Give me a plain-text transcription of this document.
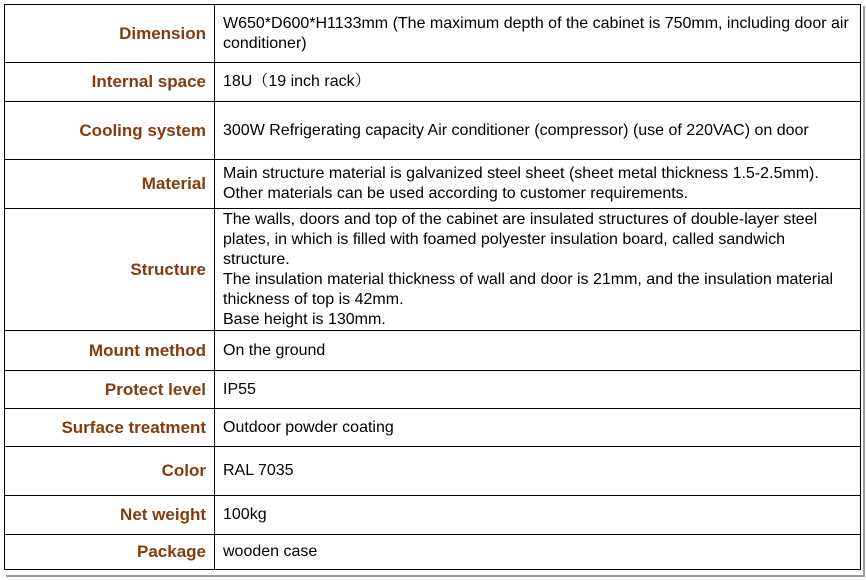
Dimension	W650*D600*H1133mm (The maximum depth of the cabinet is 750mm, including door air conditioner)

Internal space	18U（19 inch rack）

Cooling system	300W Refrigerating capacity Air conditioner (compressor) (use of 220VAC) on door

Material	Main structure material is galvanized steel sheet (sheet metal thickness 1.5-2.5mm). Other materials can be used according to customer requirements.

Structure	The walls, doors and top of the cabinet are insulated structures of double-layer steel plates, in which is filled with foamed polyester insulation board, called sandwich structure.
The insulation material thickness of wall and door is 21mm, and the insulation material thickness of top is 42mm.
Base height is 130mm.

Mount method	On the ground

Protect level	IP55

Surface treatment	Outdoor powder coating

Color	RAL 7035

Net weight	100kg

Package	wooden case
